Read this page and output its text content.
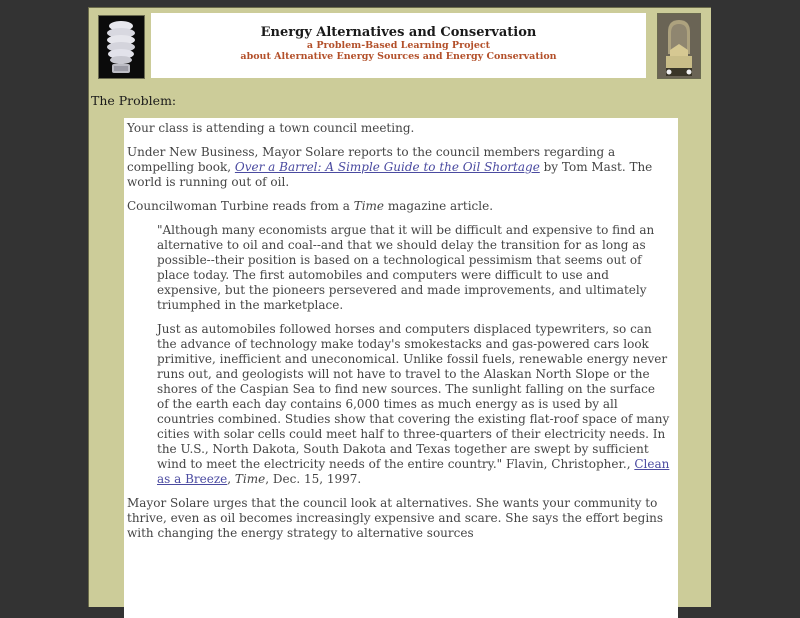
Energy Alternatives and Conservation
a Problem-Based Learning Project
about Alternative Energy Sources and Energy Conservation
The Problem:

Your class is attending a town council meeting.

Under New Business, Mayor Solare reports to the council members regarding a compelling book, Over a Barrel: A Simple Guide to the Oil Shortage by Tom Mast. The world is running out of oil.

Councilwoman Turbine reads from a Time magazine article.

"Although many economists argue that it will be difficult and expensive to find an alternative to oil and coal--and that we should delay the transition for as long as possible--their position is based on a technological pessimism that seems out of place today. The first automobiles and computers were difficult to use and expensive, but the pioneers persevered and made improvements, and ultimately triumphed in the marketplace.

Just as automobiles followed horses and computers displaced typewriters, so can the advance of technology make today's smokestacks and gas-powered cars look primitive, inefficient and uneconomical. Unlike fossil fuels, renewable energy never runs out, and geologists will not have to travel to the Alaskan North Slope or the shores of the Caspian Sea to find new sources. The sunlight falling on the surface of the earth each day contains 6,000 times as much energy as is used by all countries combined. Studies show that covering the existing flat-roof space of many cities with solar cells could meet half to three-quarters of their electricity needs. In the U.S., North Dakota, South Dakota and Texas together are swept by sufficient wind to meet the electricity needs of the entire country." Flavin, Christopher., Clean as a Breeze, Time, Dec. 15, 1997.

Mayor Solare urges that the council look at alternatives. She wants your community to thrive, even as oil becomes increasingly expensive and scare. She says the effort begins with changing the energy strategy to alternative sources
